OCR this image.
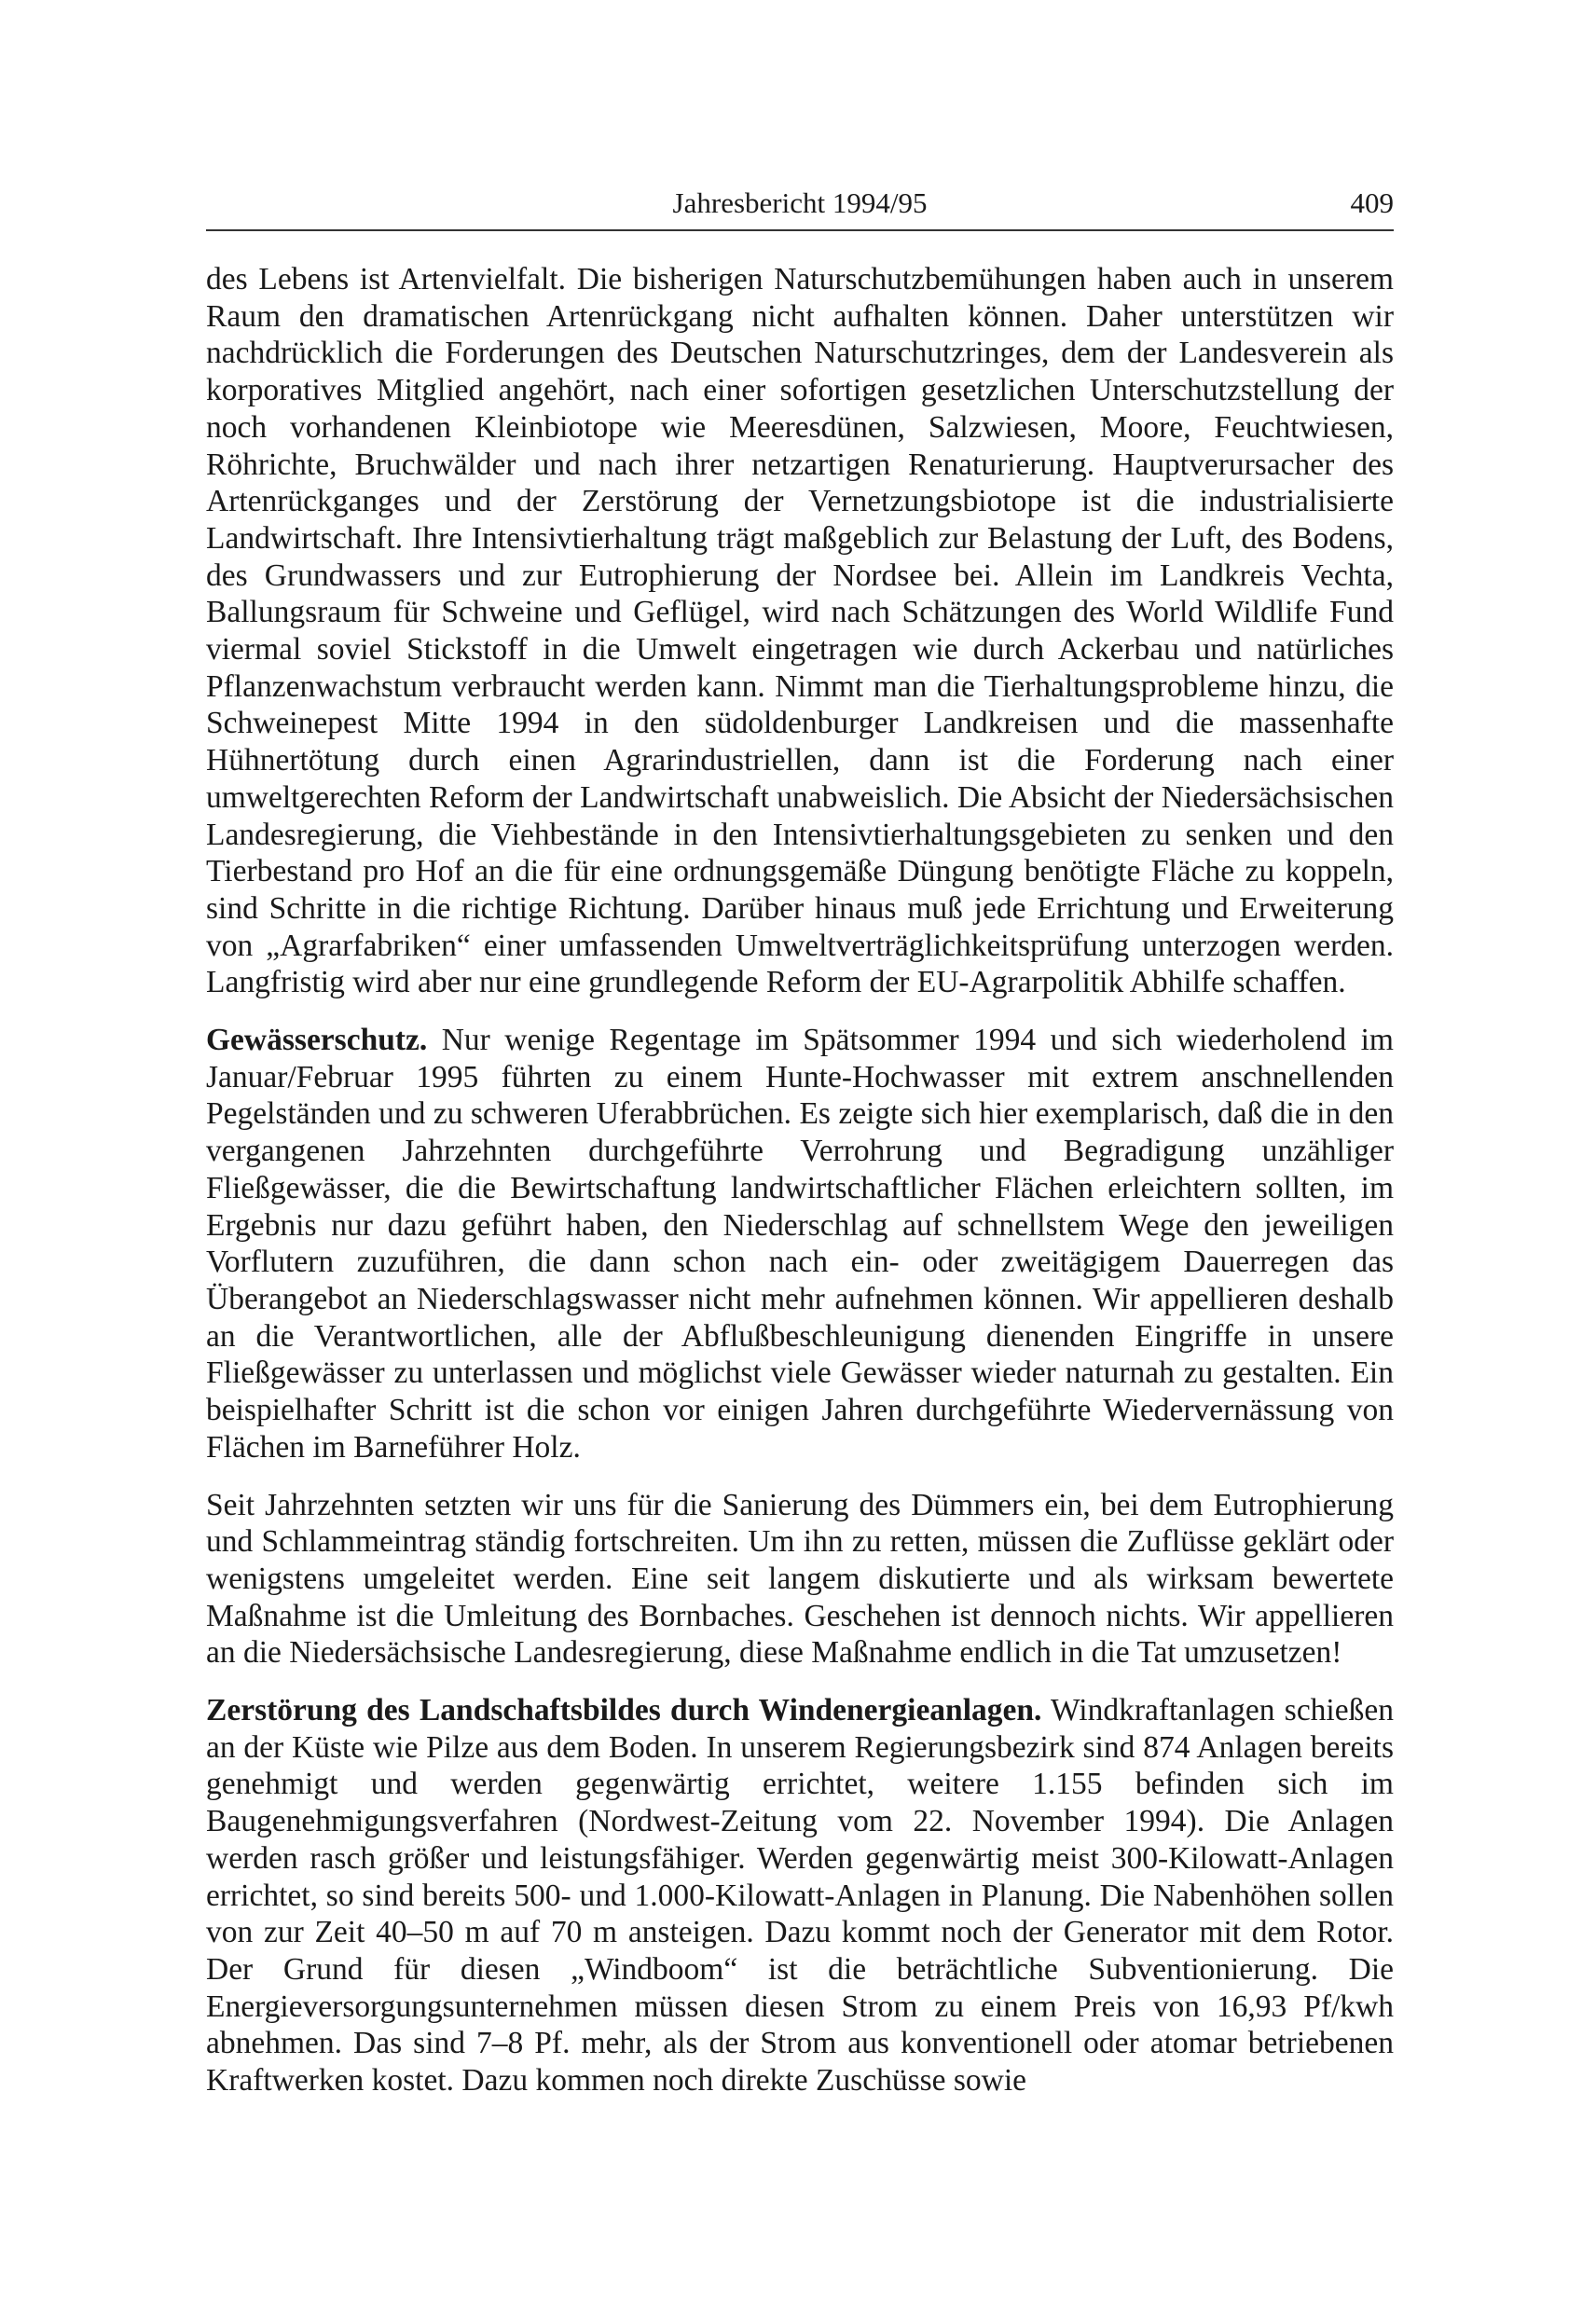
Jahresbericht 1994/95	409

des Lebens ist Artenvielfalt. Die bisherigen Naturschutzbemühungen haben auch in unserem Raum den dramatischen Artenrückgang nicht aufhalten können. Daher unterstützen wir nachdrücklich die Forderungen des Deutschen Naturschutzringes, dem der Landesverein als korporatives Mitglied angehört, nach einer sofortigen gesetzlichen Unterschutzstellung der noch vorhandenen Kleinbiotope wie Meeresdünen, Salzwiesen, Moore, Feuchtwiesen, Röhrichte, Bruchwälder und nach ihrer netzartigen Renaturierung. Hauptverursacher des Artenrückganges und der Zerstörung der Vernetzungsbiotope ist die industrialisierte Landwirtschaft. Ihre Intensivtierhaltung trägt maßgeblich zur Belastung der Luft, des Bodens, des Grundwassers und zur Eutrophierung der Nordsee bei. Allein im Landkreis Vechta, Ballungsraum für Schweine und Geflügel, wird nach Schätzungen des World Wildlife Fund viermal soviel Stickstoff in die Umwelt eingetragen wie durch Ackerbau und natürliches Pflanzenwachstum verbraucht werden kann. Nimmt man die Tierhaltungsprobleme hinzu, die Schweinepest Mitte 1994 in den südoldenburger Landkreisen und die massenhafte Hühnertötung durch einen Agrarindustriellen, dann ist die Forderung nach einer umweltgerechten Reform der Landwirtschaft unabweislich. Die Absicht der Niedersächsischen Landesregierung, die Viehbestände in den Intensivtierhaltungsgebieten zu senken und den Tierbestand pro Hof an die für eine ordnungsgemäße Düngung benötigte Fläche zu koppeln, sind Schritte in die richtige Richtung. Darüber hinaus muß jede Errichtung und Erweiterung von „Agrarfabriken“ einer umfassenden Umweltverträglichkeitsprüfung unterzogen werden. Langfristig wird aber nur eine grundlegende Reform der EU-Agrarpolitik Abhilfe schaffen.

Gewässerschutz. Nur wenige Regentage im Spätsommer 1994 und sich wiederholend im Januar/Februar 1995 führten zu einem Hunte-Hochwasser mit extrem anschnellenden Pegelständen und zu schweren Uferabbrüchen. Es zeigte sich hier exemplarisch, daß die in den vergangenen Jahrzehnten durchgeführte Verrohrung und Begradigung unzähliger Fließgewässer, die die Bewirtschaftung landwirtschaftlicher Flächen erleichtern sollten, im Ergebnis nur dazu geführt haben, den Niederschlag auf schnellstem Wege den jeweiligen Vorflutern zuzuführen, die dann schon nach ein- oder zweitägigem Dauerregen das Überangebot an Niederschlagswasser nicht mehr aufnehmen können. Wir appellieren deshalb an die Verantwortlichen, alle der Abflußbeschleunigung dienenden Eingriffe in unsere Fließgewässer zu unterlassen und möglichst viele Gewässer wieder naturnah zu gestalten. Ein beispielhafter Schritt ist die schon vor einigen Jahren durchgeführte Wiedervernässung von Flächen im Barneführer Holz.

Seit Jahrzehnten setzten wir uns für die Sanierung des Dümmers ein, bei dem Eutrophierung und Schlammeintrag ständig fortschreiten. Um ihn zu retten, müssen die Zuflüsse geklärt oder wenigstens umgeleitet werden. Eine seit langem diskutierte und als wirksam bewertete Maßnahme ist die Umleitung des Bornbaches. Geschehen ist dennoch nichts. Wir appellieren an die Niedersächsische Landesregierung, diese Maßnahme endlich in die Tat umzusetzen!

Zerstörung des Landschaftsbildes durch Windenergieanlagen. Windkraftanlagen schießen an der Küste wie Pilze aus dem Boden. In unserem Regierungsbezirk sind 874 Anlagen bereits genehmigt und werden gegenwärtig errichtet, weitere 1.155 befinden sich im Baugenehmigungsverfahren (Nordwest-Zeitung vom 22. November 1994). Die Anlagen werden rasch größer und leistungsfähiger. Werden gegenwärtig meist 300-Kilowatt-Anlagen errichtet, so sind bereits 500- und 1.000-Kilowatt-Anlagen in Planung. Die Nabenhöhen sollen von zur Zeit 40–50 m auf 70 m ansteigen. Dazu kommt noch der Generator mit dem Rotor. Der Grund für diesen „Windboom“ ist die beträchtliche Subventionierung. Die Energieversorgungsunternehmen müssen diesen Strom zu einem Preis von 16,93 Pf/kwh abnehmen. Das sind 7–8 Pf. mehr, als der Strom aus konventionell oder atomar betriebenen Kraftwerken kostet. Dazu kommen noch direkte Zuschüsse sowie
